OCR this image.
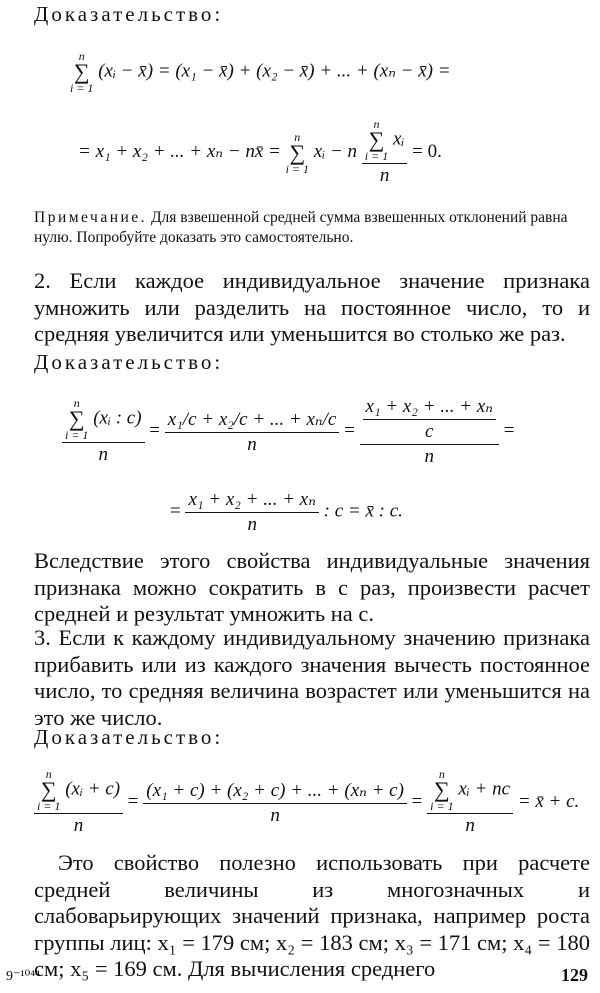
Доказательство:
n
∑
i = 1
(xᵢ − x̄) = (x₁ − x̄) + (x₂ − x̄) + ... + (xₙ − x̄) =
= x₁ + x₂ + ... + xₙ − nx̄ =
n
∑
i = 1
xᵢ − n n
∑
i = 1
xᵢ
n = 0.
Примечание. Для взвешенной средней сумма взвешенных отклонений равна нулю. Попробуйте доказать это самостоятельно.

2. Если каждое индивидуальное значение признака умножить или разделить на постоянное число, то и средняя увеличится или уменьшится во столько же раз.

Доказательство:
n
∑
i = 1
(xᵢ : c)
$n = \frac{\text{x₁/c + x₂/c + ... + xₙ/c}}{n} = \frac{\frac{\text{x₁ + x₂ + ... + xₙ}}{c}}{n}$ =
= $\frac{\text{x₁ + x₂ + ... + xₙ}}{n}$ : c = x̄ : c.

Вследствие этого свойства индивидуальные значения признака можно сократить в c раз, произвести расчет средней и результат умножить на c.

3. Если к каждому индивидуальному значению признака прибавить или из каждого значения вычесть постоянное число, то средняя величина возрастет или уменьшится на это же число.

Доказательство:
n
∑
i = 1
(xᵢ + c)
$n = \frac{\text{(x₁ + c) + (x₂ + c) + ... + (xₙ + c)}}{n} = n$
∑
i = 1
xᵢ + nc
n = x̄ + c.

Это свойство полезно использовать при расчете средней величины из многозначных и слабоварьирующих значений признака, например роста группы лиц: x₁ = 179 см; x₂ = 183 см; x₃ = 171 см; x₄ = 180 см; x₅ = 169 см. Для вычисления среднего

9⁻¹⁰⁴⁴	129
